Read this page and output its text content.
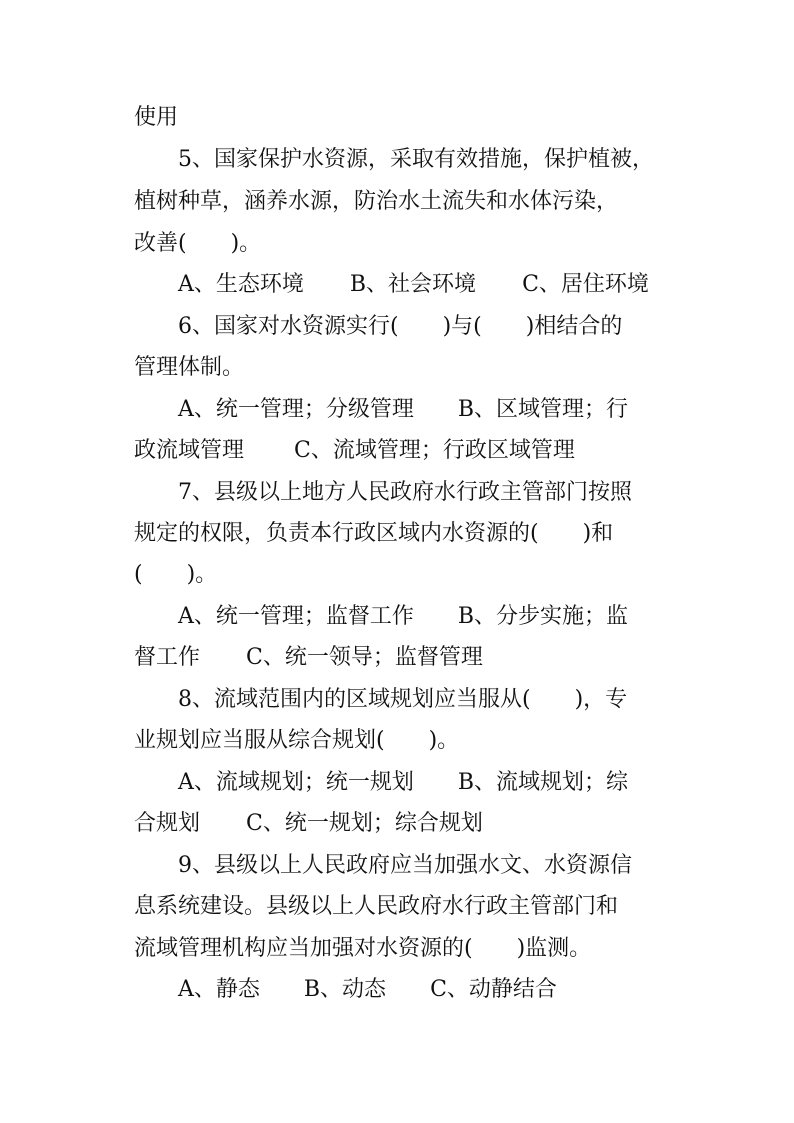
使用
5、国家保护水资源，采取有效措施，保护植被，
植树种草，涵养水源，防治水土流失和水体污染，
改善(　　)。
A、生态环境 B、社会环境 C、居住环境
6、国家对水资源实行(　　)与(　　)相结合的
管理体制。
A、统一管理；分级管理 B、区域管理；行
政流域管理 C、流域管理；行政区域管理
7、县级以上地方人民政府水行政主管部门按照
规定的权限，负责本行政区域内水资源的(　　)和
(　　)。
A、统一管理；监督工作 B、分步实施；监
督工作 C、统一领导；监督管理
8、流域范围内的区域规划应当服从(　　)，专
业规划应当服从综合规划(　　)。
A、流域规划；统一规划 B、流域规划；综
合规划 C、统一规划；综合规划
9、县级以上人民政府应当加强水文、水资源信
息系统建设。县级以上人民政府水行政主管部门和
流域管理机构应当加强对水资源的(　　)监测。
A、静态 B、动态 C、动静结合
